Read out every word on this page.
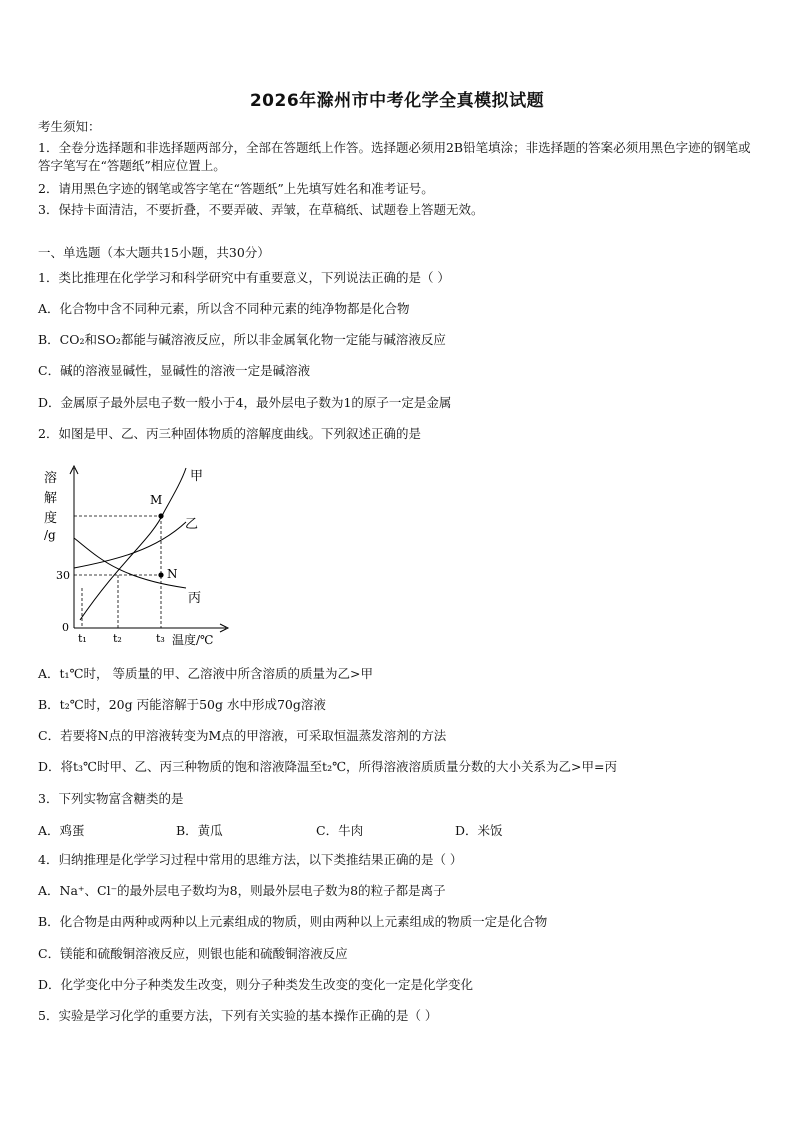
2026年滁州市中考化学全真模拟试题
考生须知：
1．全卷分选择题和非选择题两部分，全部在答题纸上作答。选择题必须用2B铅笔填涂；非选择题的答案必须用黑色字迹的钢笔或答字笔写在“答题纸”相应位置上。
2．请用黑色字迹的钢笔或答字笔在“答题纸”上先填写姓名和准考证号。
3．保持卡面清洁，不要折叠，不要弄破、弄皱，在草稿纸、试题卷上答题无效。
一、单选题（本大题共15小题，共30分）
1．类比推理在化学学习和科学研究中有重要意义，下列说法正确的是（ ）
A．化合物中含不同种元素，所以含不同种元素的纯净物都是化合物
B．CO₂和SO₂都能与碱溶液反应，所以非金属氧化物一定能与碱溶液反应
C．碱的溶液显碱性，显碱性的溶液一定是碱溶液
D．金属原子最外层电子数一般小于4，最外层电子数为1的原子一定是金属
2．如图是甲、乙、丙三种固体物质的溶解度曲线。下列叙述正确的是
溶
解
度
/g
甲
乙
丙
M
N
30
0
t₁ t₂	t₃ 温度/℃
A．t₁℃时， 等质量的甲、乙溶液中所含溶质的质量为乙>甲
B．t₂℃时，20g 丙能溶解于50g 水中形成70g溶液
C．若要将N点的甲溶液转变为M点的甲溶液，可采取恒温蒸发溶剂的方法
D．将t₃℃时甲、乙、丙三种物质的饱和溶液降温至t₂℃，所得溶液溶质质量分数的大小关系为乙>甲=丙
3．下列实物富含糖类的是
A．鸡蛋	B．黄瓜	C．牛肉	D．米饭
4．归纳推理是化学学习过程中常用的思维方法，以下类推结果正确的是（ ）
A．Na⁺、Cl⁻的最外层电子数均为8，则最外层电子数为8的粒子都是离子
B．化合物是由两种或两种以上元素组成的物质，则由两种以上元素组成的物质一定是化合物
C．镁能和硫酸铜溶液反应，则银也能和硫酸铜溶液反应
D．化学变化中分子种类发生改变，则分子种类发生改变的变化一定是化学变化
5．实验是学习化学的重要方法，下列有关实验的基本操作正确的是（ ）
